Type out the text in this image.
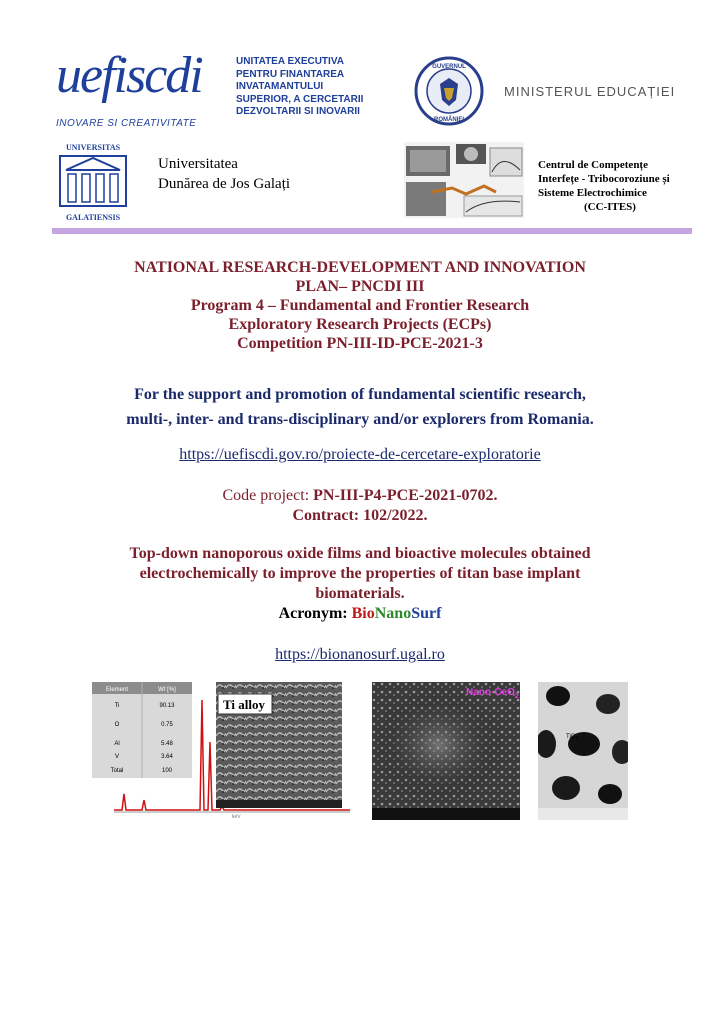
uefiscdi
INOVARE SI CREATIVITATE
UNITATEA EXECUTIVA
PENTRU FINANTAREA
INVATAMANTULUI
SUPERIOR, A CERCETARII
DEZVOLTARII SI INOVARII
GUVERNUL
ROMÂNIEI
MINISTERUL EDUCAȚIEI
UNIVERSITAS
GALATIENSIS
Universitatea
Dunărea de Jos Galați
Centrul de Competențe
Interfețe - Tribocoroziune și
Sisteme Electrochimice
(CC-ITES)
NATIONAL RESEARCH-DEVELOPMENT AND INNOVATION
PLAN– PNCDI III
Program 4 – Fundamental and Frontier Research
Exploratory Research Projects (ECPs)
Competition PN-III-ID-PCE-2021-3
For the support and promotion of fundamental scientific research,
multi-, inter- and trans-disciplinary and/or explorers from Romania.
https://uefiscdi.gov.ro/proiecte-de-cercetare-exploratorie
Code project: PN-III-P4-PCE-2021-0702.
Contract: 102/2022.
Top-down nanoporous oxide films and bioactive molecules obtained
electrochemically to improve the properties of titan base implant
biomaterials.
Acronym: BioNanoSurf
https://bionanosurf.ugal.ro
Element	Wt [%]
Ti	90.13
O	0.75
Al	5.48
V	3.64
Total	100
keV
Ti alloy
Nano-CeO$_2$
TiO$_2$
